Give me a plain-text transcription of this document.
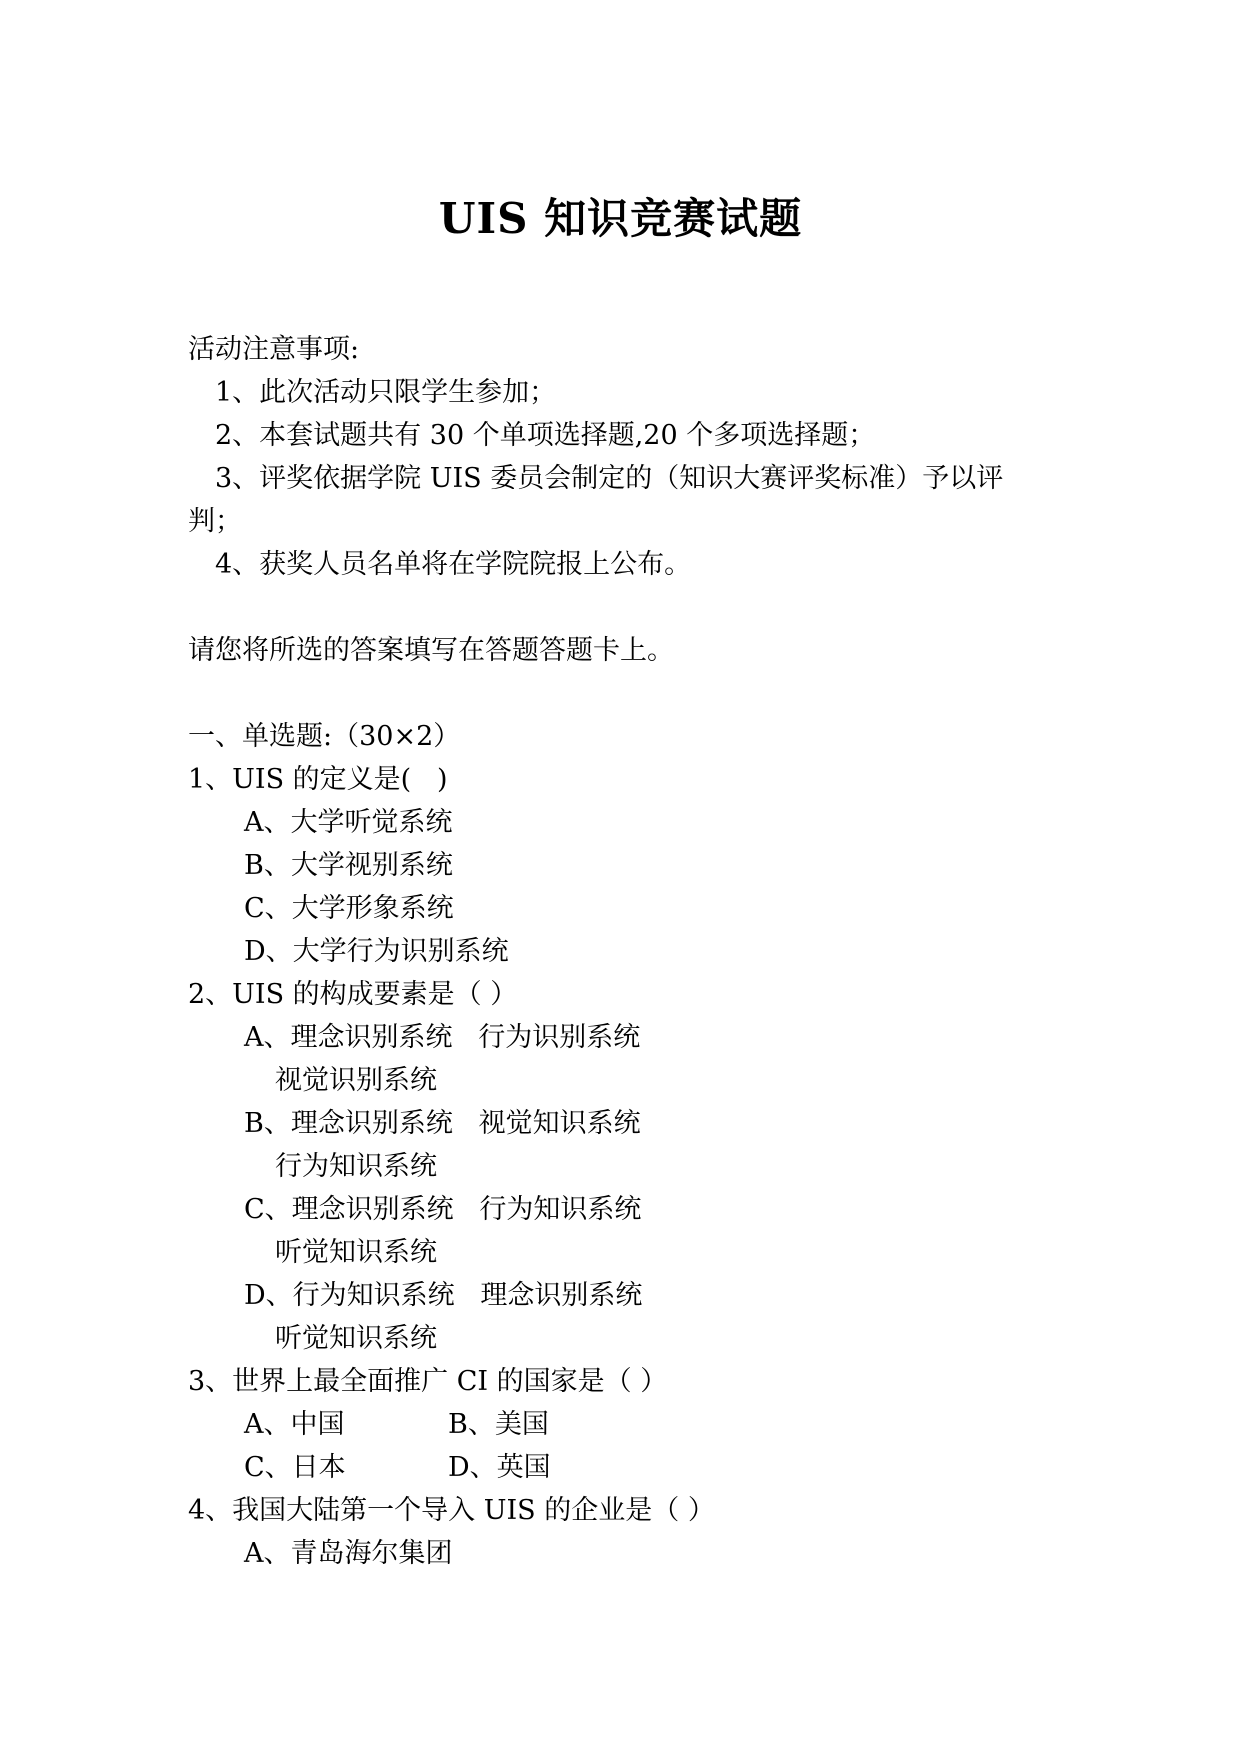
UIS 知识竞赛试题
活动注意事项:
1、此次活动只限学生参加；
2、本套试题共有 30 个单项选择题,20 个多项选择题；
3、评奖依据学院 UIS 委员会制定的（知识大赛评奖标准）予以评
判；
4、获奖人员名单将在学院院报上公布。
请您将所选的答案填写在答题答题卡上。
一、单选题:（30×2）
1、UIS 的定义是(   )
A、大学听觉系统
B、大学视别系统
C、大学形象系统
D、大学行为识别系统
2、UIS 的构成要素是（ ）
A、理念识别系统   行为识别系统
视觉识别系统
B、理念识别系统   视觉知识系统
行为知识系统
C、理念识别系统   行为知识系统
听觉知识系统
D、行为知识系统   理念识别系统
听觉知识系统
3、世界上最全面推广 CI 的国家是（ ）
A、中国	B、美国
C、日本	D、英国
4、我国大陆第一个导入 UIS 的企业是（ ）
A、青岛海尔集团
